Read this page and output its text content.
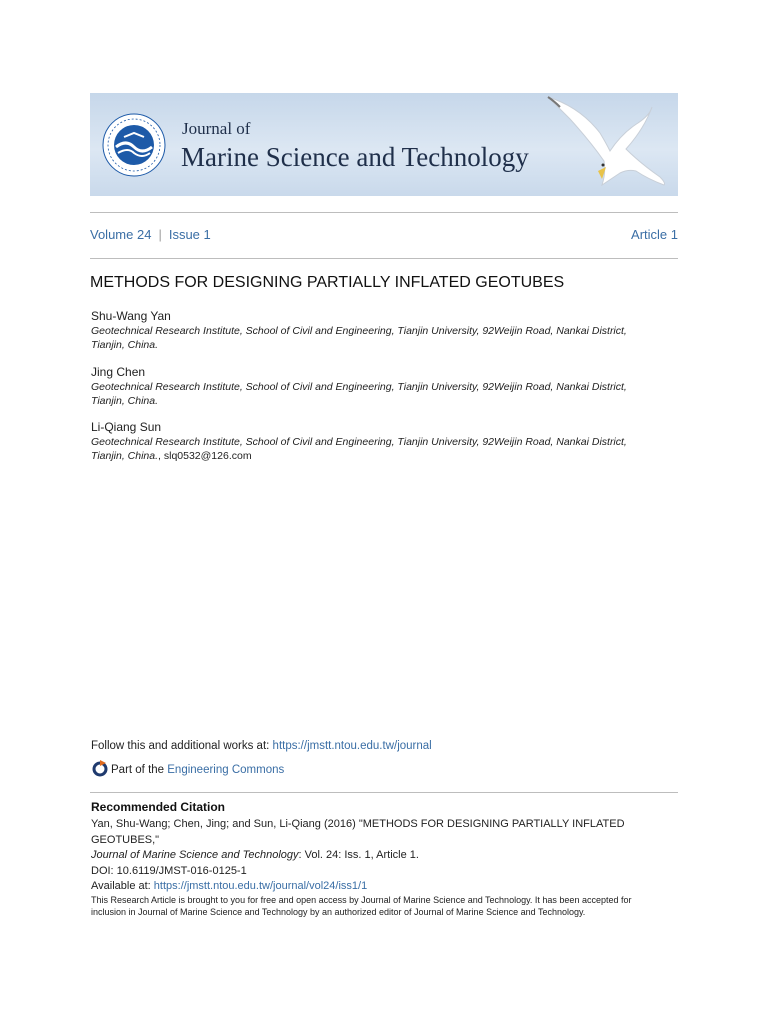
Journal of
Marine Science and Technology
Volume 24 | Issue 1	Article 1
METHODS FOR DESIGNING PARTIALLY INFLATED GEOTUBES
Shu-Wang Yan
Geotechnical Research Institute, School of Civil and Engineering, Tianjin University, 92Weijin Road, Nankai District,
Tianjin, China.
Jing Chen
Geotechnical Research Institute, School of Civil and Engineering, Tianjin University, 92Weijin Road, Nankai District,
Tianjin, China.
Li-Qiang Sun
Geotechnical Research Institute, School of Civil and Engineering, Tianjin University, 92Weijin Road, Nankai District,
Tianjin, China., slq0532@126.com
Follow this and additional works at: https://jmstt.ntou.edu.tw/journal
Part of the Engineering Commons
Recommended Citation
Yan, Shu-Wang; Chen, Jing; and Sun, Li-Qiang (2016) "METHODS FOR DESIGNING PARTIALLY INFLATED GEOTUBES,"
Journal of Marine Science and Technology: Vol. 24: Iss. 1, Article 1.
DOI: 10.6119/JMST-016-0125-1
Available at: https://jmstt.ntou.edu.tw/journal/vol24/iss1/1
This Research Article is brought to you for free and open access by Journal of Marine Science and Technology. It has been accepted for inclusion in Journal of Marine Science and Technology by an authorized editor of Journal of Marine Science and Technology.
